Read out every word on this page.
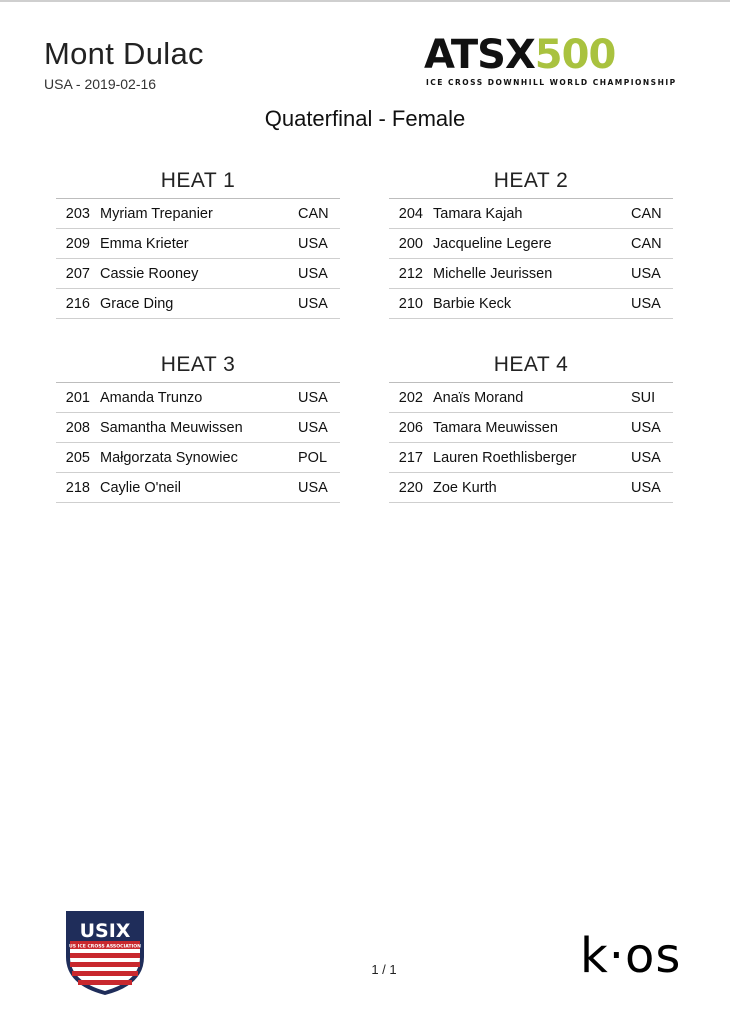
Mont Dulac
USA - 2019-02-16
ATSX500
ICE CROSS DOWNHILL WORLD CHAMPIONSHIP
Quaterfinal - Female
HEAT 1
203 Myriam Trepanier	CAN
209 Emma Krieter	USA
207 Cassie Rooney	USA
216 Grace Ding	USA
HEAT 2
204 Tamara Kajah	CAN
200 Jacqueline Legere	CAN
212 Michelle Jeurissen	USA
210 Barbie Keck	USA
HEAT 3
201 Amanda Trunzo	USA
208 Samantha Meuwissen	USA
205 Małgorzata Synowiec	POL
218 Caylie O'neil	USA
HEAT 4
202 Anaïs Morand	SUI
206 Tamara Meuwissen	USA
217 Lauren Roethlisberger	USA
220 Zoe Kurth	USA
USIX
US ICE CROSS ASSOCIATION
1 / 1	k·os
